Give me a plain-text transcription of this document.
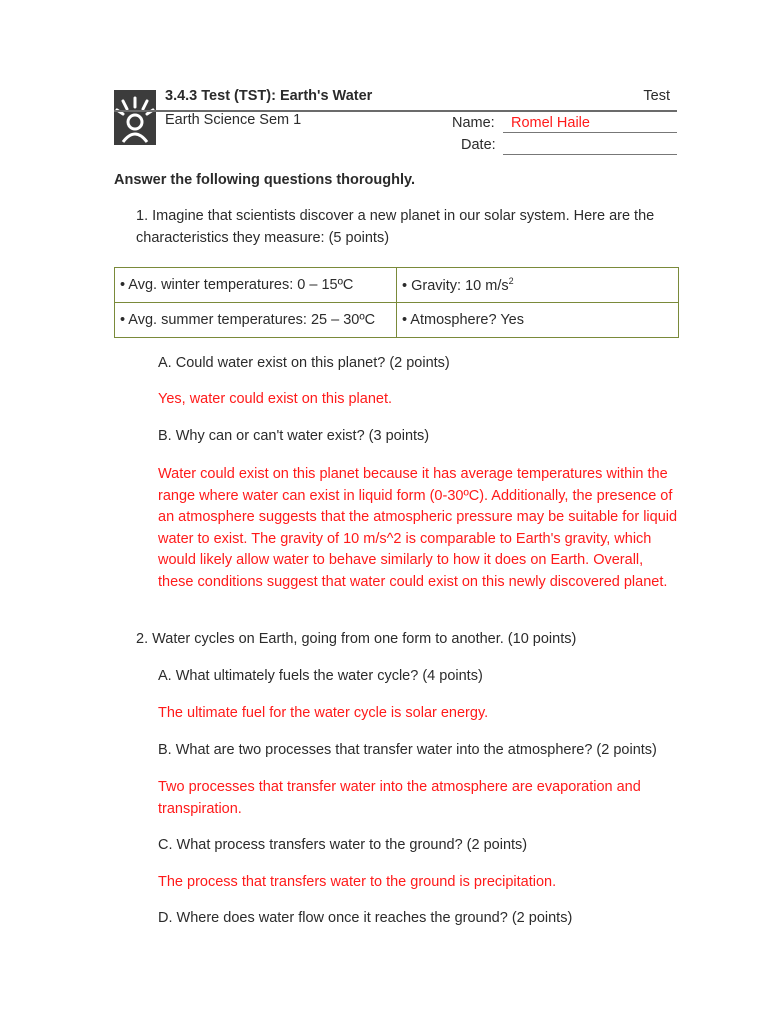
3.4.3 Test (TST): Earth's Water	Test
Earth Science Sem 1	Name:	Romel Haile
Date:
Answer the following questions thoroughly.
1. Imagine that scientists discover a new planet in our solar system. Here are the characteristics they measure: (5 points)
• Avg. winter temperatures: 0 – 15ºC	• Gravity: 10 $m/s^2$
• Avg. summer temperatures: 25 – 30ºC	• Atmosphere? Yes
A. Could water exist on this planet? (2 points)
Yes, water could exist on this planet.
B. Why can or can't water exist? (3 points)
Water could exist on this planet because it has average temperatures within the range where water can exist in liquid form (0-30ºC). Additionally, the presence of an atmosphere suggests that the atmospheric pressure may be suitable for liquid water to exist. The gravity of 10 m/s^2 is comparable to Earth's gravity, which would likely allow water to behave similarly to how it does on Earth. Overall, these conditions suggest that water could exist on this newly discovered planet.
2. Water cycles on Earth, going from one form to another. (10 points)
A. What ultimately fuels the water cycle? (4 points)
The ultimate fuel for the water cycle is solar energy.
B. What are two processes that transfer water into the atmosphere? (2 points)
Two processes that transfer water into the atmosphere are evaporation and transpiration.
C. What process transfers water to the ground? (2 points)
The process that transfers water to the ground is precipitation.
D. Where does water flow once it reaches the ground? (2 points)
